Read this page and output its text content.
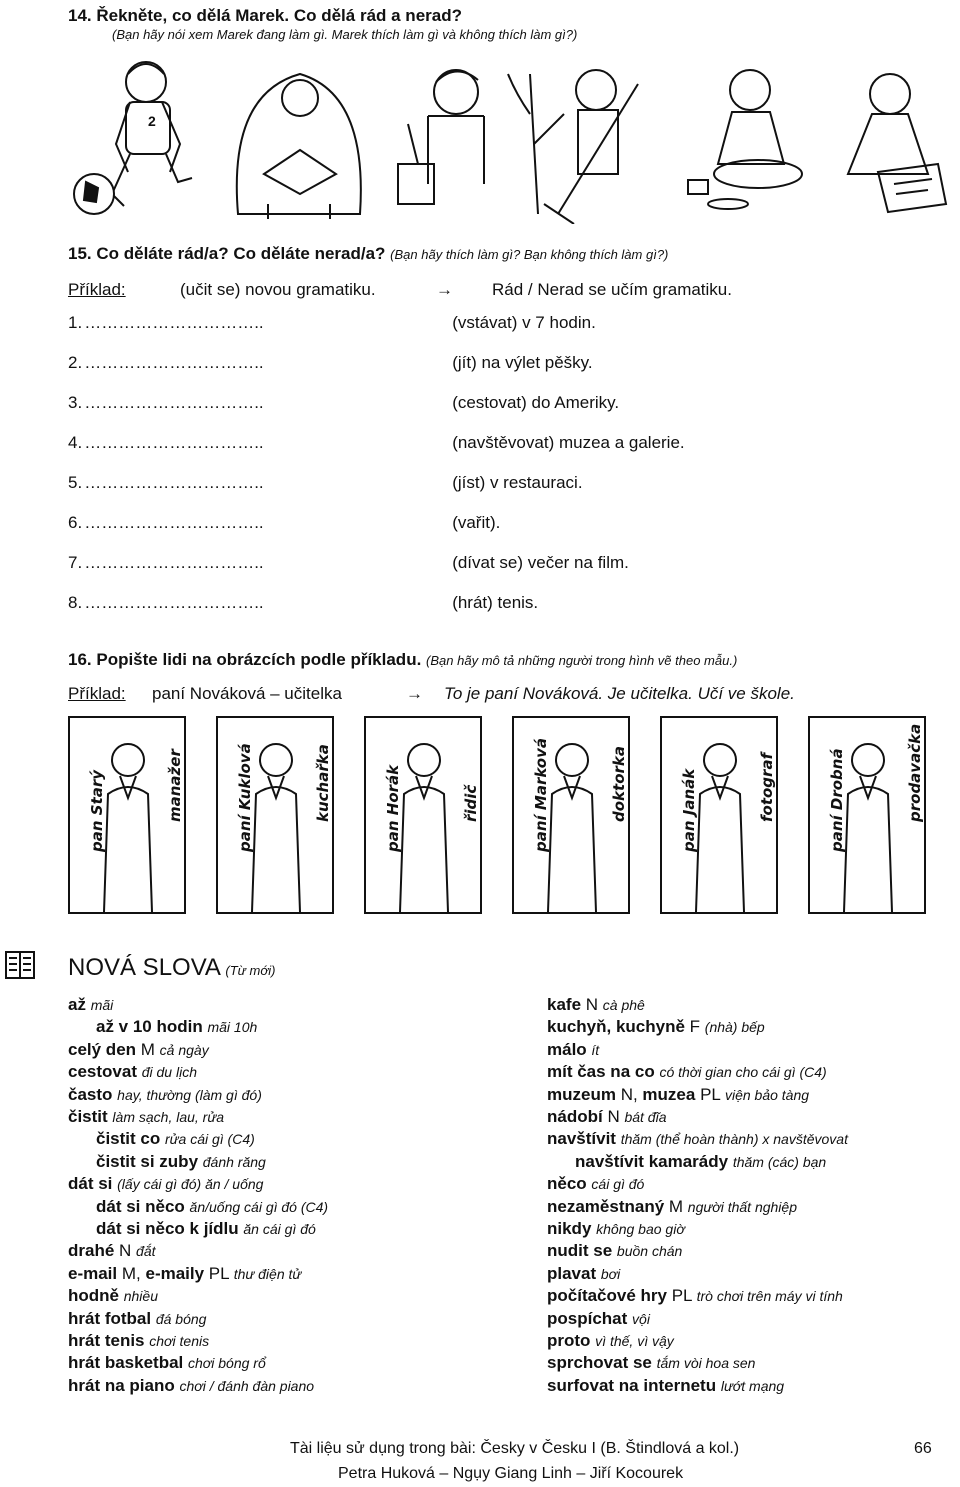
14. Řekněte, co dělá Marek. Co dělá rád a nerad?
(Bạn hãy nói xem Marek đang làm gì. Marek thích làm gì và không thích làm gì?)
2
15. Co děláte rád/a? Co děláte nerad/a? (Bạn hãy thích làm gì? Bạn không thích làm gì?)
Příklad:	(učit se) novou gramatiku.	→ Rád / Nerad se učím gramatiku.
1. …………………………..	(vstávat) v 7 hodin.
2. …………………………..	(jít) na výlet pěšky.
3. …………………………..	(cestovat) do Ameriky.
4. …………………………..	(navštěvovat) muzea a galerie.
5. …………………………..	(jíst) v restauraci.
6. …………………………..	(vařit).
7. …………………………..	(dívat se) večer na film.
8. …………………………..	(hrát) tenis.
16. Popište lidi na obrázcích podle příkladu. (Bạn hãy mô tả những người trong hình vẽ theo mẫu.)
Příklad: paní Nováková – učitelka	→ To je paní Nováková. Je učitelka. Učí ve škole.
pan Starý	manažer	paní Kuklová	kuchařka	pan Horák	řidič	paní Marková	doktorka	pan Janák	fotograf	paní Drobná	prodavačka
NOVÁ SLOVA (Từ mới)
až mãi
až v 10 hodin mãi 10h
celý den M cả ngày
cestovat đi du lịch
často hay, thường (làm gì đó)
čistit làm sạch, lau, rửa
čistit co rửa cái gì (C4)
čistit si zuby đánh răng
dát si (lấy cái gì đó) ăn / uống
dát si něco ăn/uống cái gì đó (C4)
dát si něco k jídlu ăn cái gì đó
drahé N đắt
e-mail M, e-maily PL thư điện tử
hodně nhiều
hrát fotbal đá bóng
hrát tenis chơi tenis
hrát basketbal chơi bóng rổ
hrát na piano chơi / đánh đàn piano
kafe N cà phê
kuchyň, kuchyně F (nhà) bếp
málo ít
mít čas na co có thời gian cho cái gì (C4)
muzeum N, muzea PL viện bảo tàng
nádobí N bát đĩa
navštívit thăm (thể hoàn thành) x navštěvovat
navštívit kamarády thăm (các) bạn
něco cái gì đó
nezaměstnaný M người thất nghiệp
nikdy không bao giờ
nudit se buồn chán
plavat bơi
počítačové hry PL trò chơi trên máy vi tính
pospíchat vội
proto vì thế, vì vậy
sprchovat se tắm vòi hoa sen
surfovat na internetu lướt mạng
Tài liệu sử dụng trong bài: Česky v Česku I (B. Štindlová a kol.)	66
Petra Huková – Ngụy Giang Linh – Jiří Kocourek
